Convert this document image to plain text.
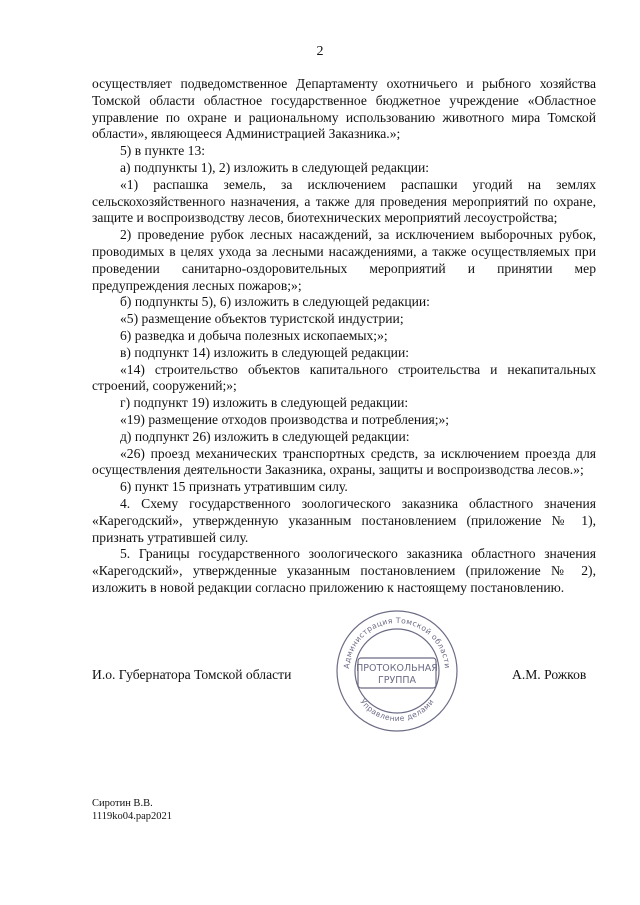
2

осуществляет подведомственное Департаменту охотничьего и рыбного хозяйства Томской области областное государственное бюджетное учреждение «Областное управление по охране и рациональному использованию животного мира Томской области», являющееся Администрацией Заказника.»;

5) в пункте 13:

а) подпункты 1), 2) изложить в следующей редакции:

«1) распашка земель, за исключением распашки угодий на землях сельскохозяйственного назначения, а также для проведения мероприятий по охране, защите и воспроизводству лесов, биотехнических мероприятий лесоустройства;

2) проведение рубок лесных насаждений, за исключением выборочных рубок, проводимых в целях ухода за лесными насаждениями, а также осуществляемых при проведении санитарно-оздоровительных мероприятий и принятии мер предупреждения лесных пожаров;»;

б) подпункты 5), 6) изложить в следующей редакции:

«5) размещение объектов туристской индустрии;

6) разведка и добыча полезных ископаемых;»;

в) подпункт 14) изложить в следующей редакции:

«14) строительство объектов капитального строительства и некапитальных строений, сооружений;»;

г) подпункт 19) изложить в следующей редакции:

«19) размещение отходов производства и потребления;»;

д) подпункт 26) изложить в следующей редакции:

«26) проезд механических транспортных средств, за исключением проезда для осуществления деятельности Заказника, охраны, защиты и воспроизводства лесов.»;

6) пункт 15 признать утратившим силу.

4. Схему государственного зоологического заказника областного значения «Карегодский», утвержденную указанным постановлением (приложение № 1), признать утратившей силу.

5. Границы государственного зоологического заказника областного значения «Карегодский», утвержденные указанным постановлением (приложение № 2), изложить в новой редакции согласно приложению к настоящему постановлению.

И.о. Губернатора Томской области
Администрация Томской области
Управление делами
ПРОТОКОЛЬНАЯ
ГРУППА	А.М. Рожков
Сиротин В.В.
1119ko04.pap2021
